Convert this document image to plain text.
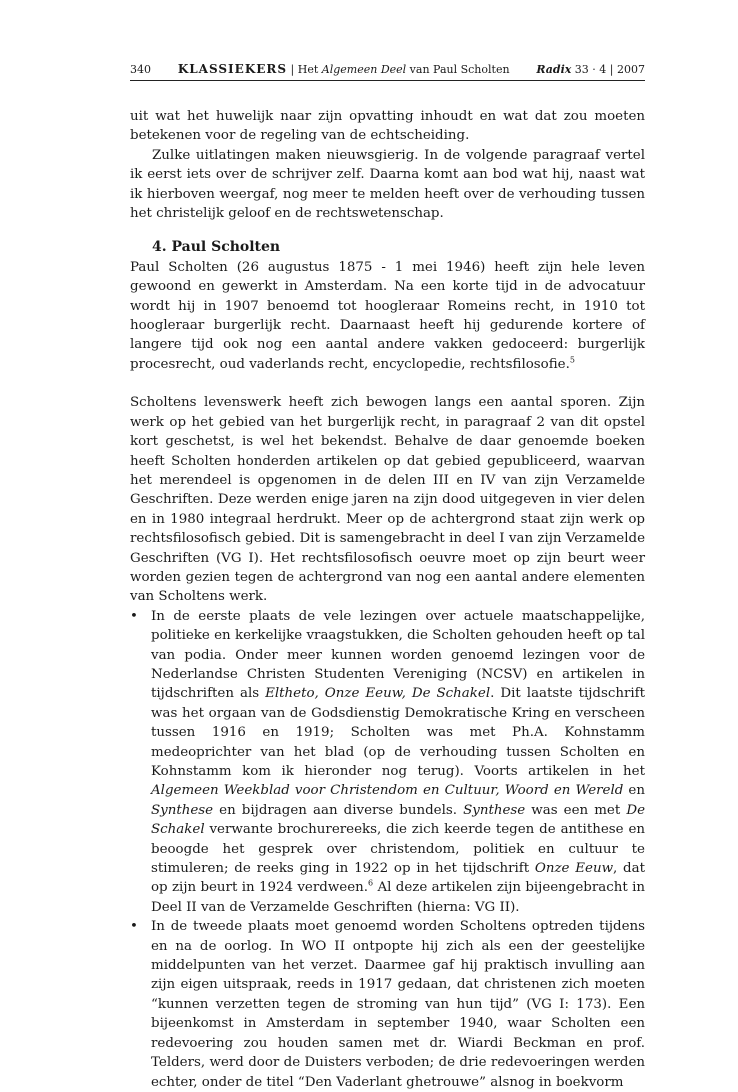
340 KLASSIEKERS | Het Algemeen Deel van Paul Scholten Radix 33 · 4 | 2007

uit wat het huwelijk naar zijn opvatting inhoudt en wat dat zou moeten betekenen voor de regeling van de echtscheiding.

Zulke uitlatingen maken nieuwsgierig. In de volgende paragraaf vertel ik eerst iets over de schrijver zelf. Daarna komt aan bod wat hij, naast wat ik hierboven weergaf, nog meer te melden heeft over de verhouding tussen het christelijk geloof en de rechtswetenschap.

4. Paul Scholten

Paul Scholten (26 augustus 1875 - 1 mei 1946) heeft zijn hele leven gewoond en gewerkt in Amsterdam. Na een korte tijd in de advocatuur wordt hij in 1907 benoemd tot hoogleraar Romeins recht, in 1910 tot hoogleraar burgerlijk recht. Daarnaast heeft hij gedurende kortere of langere tijd ook nog een aantal andere vakken gedoceerd: burgerlijk procesrecht, oud vaderlands recht, encyclopedie, rechtsfilosofie.$^5$

Scholtens levenswerk heeft zich bewogen langs een aantal sporen. Zijn werk op het gebied van het burgerlijk recht, in paragraaf 2 van dit opstel kort geschetst, is wel het bekendst. Behalve de daar genoemde boeken heeft Scholten honderden artikelen op dat gebied gepubliceerd, waarvan het merendeel is opgenomen in de delen III en IV van zijn Verzamelde Geschriften. Deze werden enige jaren na zijn dood uitgegeven in vier delen en in 1980 integraal herdrukt. Meer op de achtergrond staat zijn werk op rechtsfilosofisch gebied. Dit is samengebracht in deel I van zijn Verzamelde Geschriften (VG I). Het rechtsfilosofisch oeuvre moet op zijn beurt weer worden gezien tegen de achtergrond van nog een aantal andere elementen van Scholtens werk.

• In de eerste plaats de vele lezingen over actuele maatschappelijke, politieke en kerkelijke vraagstukken, die Scholten gehouden heeft op tal van podia. Onder meer kunnen worden genoemd lezingen voor de Nederlandse Christen Studenten Vereniging (NCSV) en artikelen in tijdschriften als Eltheto, Onze Eeuw, De Schakel. Dit laatste tijdschrift was het orgaan van de Godsdienstig Demokratische Kring en verscheen tussen 1916 en 1919; Scholten was met Ph.A. Kohnstamm medeoprichter van het blad (op de verhouding tussen Scholten en Kohnstamm kom ik hieronder nog terug). Voorts artikelen in het Algemeen Weekblad voor Christendom en Cultuur, Woord en Wereld en Synthese en bijdragen aan diverse bundels. Synthese was een met De Schakel verwante brochurereeks, die zich keerde tegen de antithese en beoogde het gesprek over christendom, politiek en cultuur te stimuleren; de reeks ging in 1922 op in het tijdschrift Onze Eeuw, dat op zijn beurt in 1924 verdween.$^6$ Al deze artikelen zijn bijeengebracht in Deel II van de Verzamelde Geschriften (hierna: VG II).
• In de tweede plaats moet genoemd worden Scholtens optreden tijdens en na de oorlog. In WO II ontpopte hij zich als een der geestelijke middelpunten van het verzet. Daarmee gaf hij praktisch invulling aan zijn eigen uitspraak, reeds in 1917 gedaan, dat christenen zich moeten “kunnen verzetten tegen de stroming van hun tijd” (VG I: 173). Een bijeenkomst in Amsterdam in september 1940, waar Scholten een redevoering zou houden samen met dr. Wiardi Beckman en prof. Telders, werd door de Duisters verboden; de drie redevoeringen werden echter, onder de titel “Den Vaderlant ghetrouwe” alsnog in boekvorm
